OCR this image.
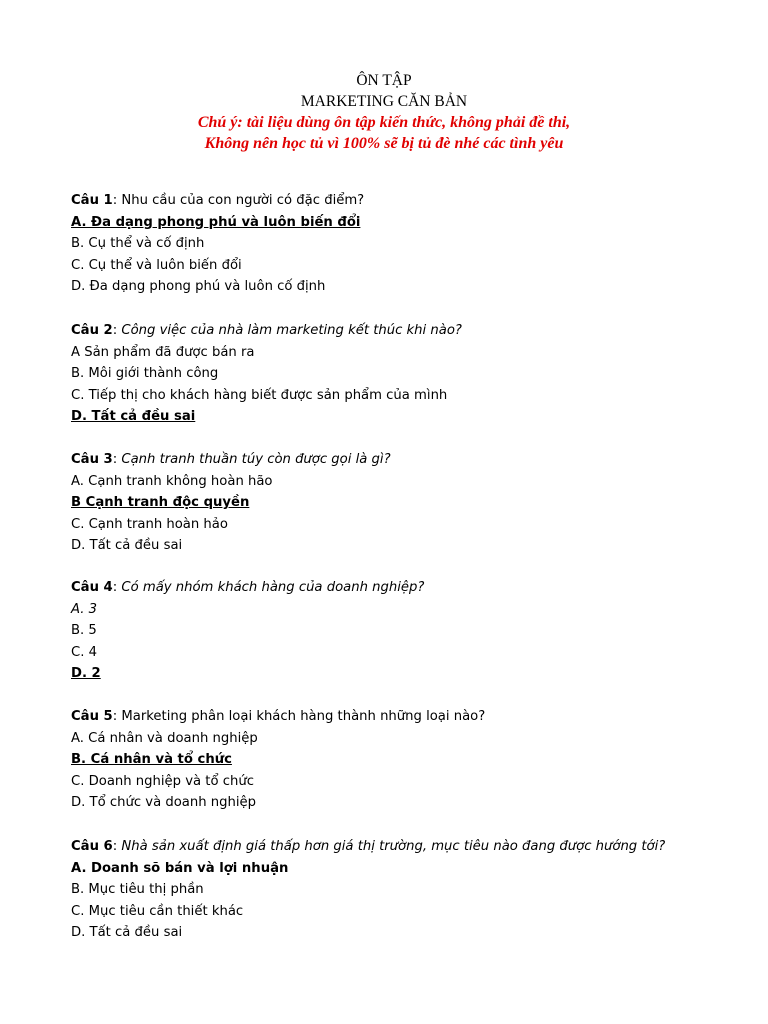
ÔN TẬP
MARKETING CĂN BẢN
Chú ý: tài liệu dùng ôn tập kiến thức, không phải đề thi,
Không nên học tủ vì 100% sẽ bị tủ đè nhé các tình yêu
Câu 1: Nhu cầu của con người có đặc điểm?
A. Đa dạng phong phú và luôn biến đổi
B. Cụ thể và cố định
C. Cụ thể và luôn biến đổi
D. Đa dạng phong phú và luôn cố định
Câu 2: Công việc của nhà làm marketing kết thúc khi nào?
A Sản phẩm đã được bán ra
B. Môi giới thành công
C. Tiếp thị cho khách hàng biết được sản phẩm của mình
D. Tất cả đều sai
Câu 3: Cạnh tranh thuần túy còn được gọi là gì?
A. Cạnh tranh không hoàn hão
B Cạnh tranh độc quyền
C. Cạnh tranh hoàn hảo
D. Tất cả đều sai
Câu 4: Có mấy nhóm khách hàng của doanh nghiệp?
A. 3
B. 5
C. 4
D. 2
Câu 5: Marketing phân loại khách hàng thành những loại nào?
A. Cá nhân và doanh nghiệp
B. Cá nhân và tổ chức
C. Doanh nghiệp và tổ chức
D. Tổ chức và doanh nghiệp
Câu 6: Nhà sản xuất định giá thấp hơn giá thị trường, mục tiêu nào đang được hướng tới?
A. Doanh sõ bán và lợi nhuận
B. Mục tiêu thị phần
C. Mục tiêu cần thiết khác
D. Tất cả đều sai
